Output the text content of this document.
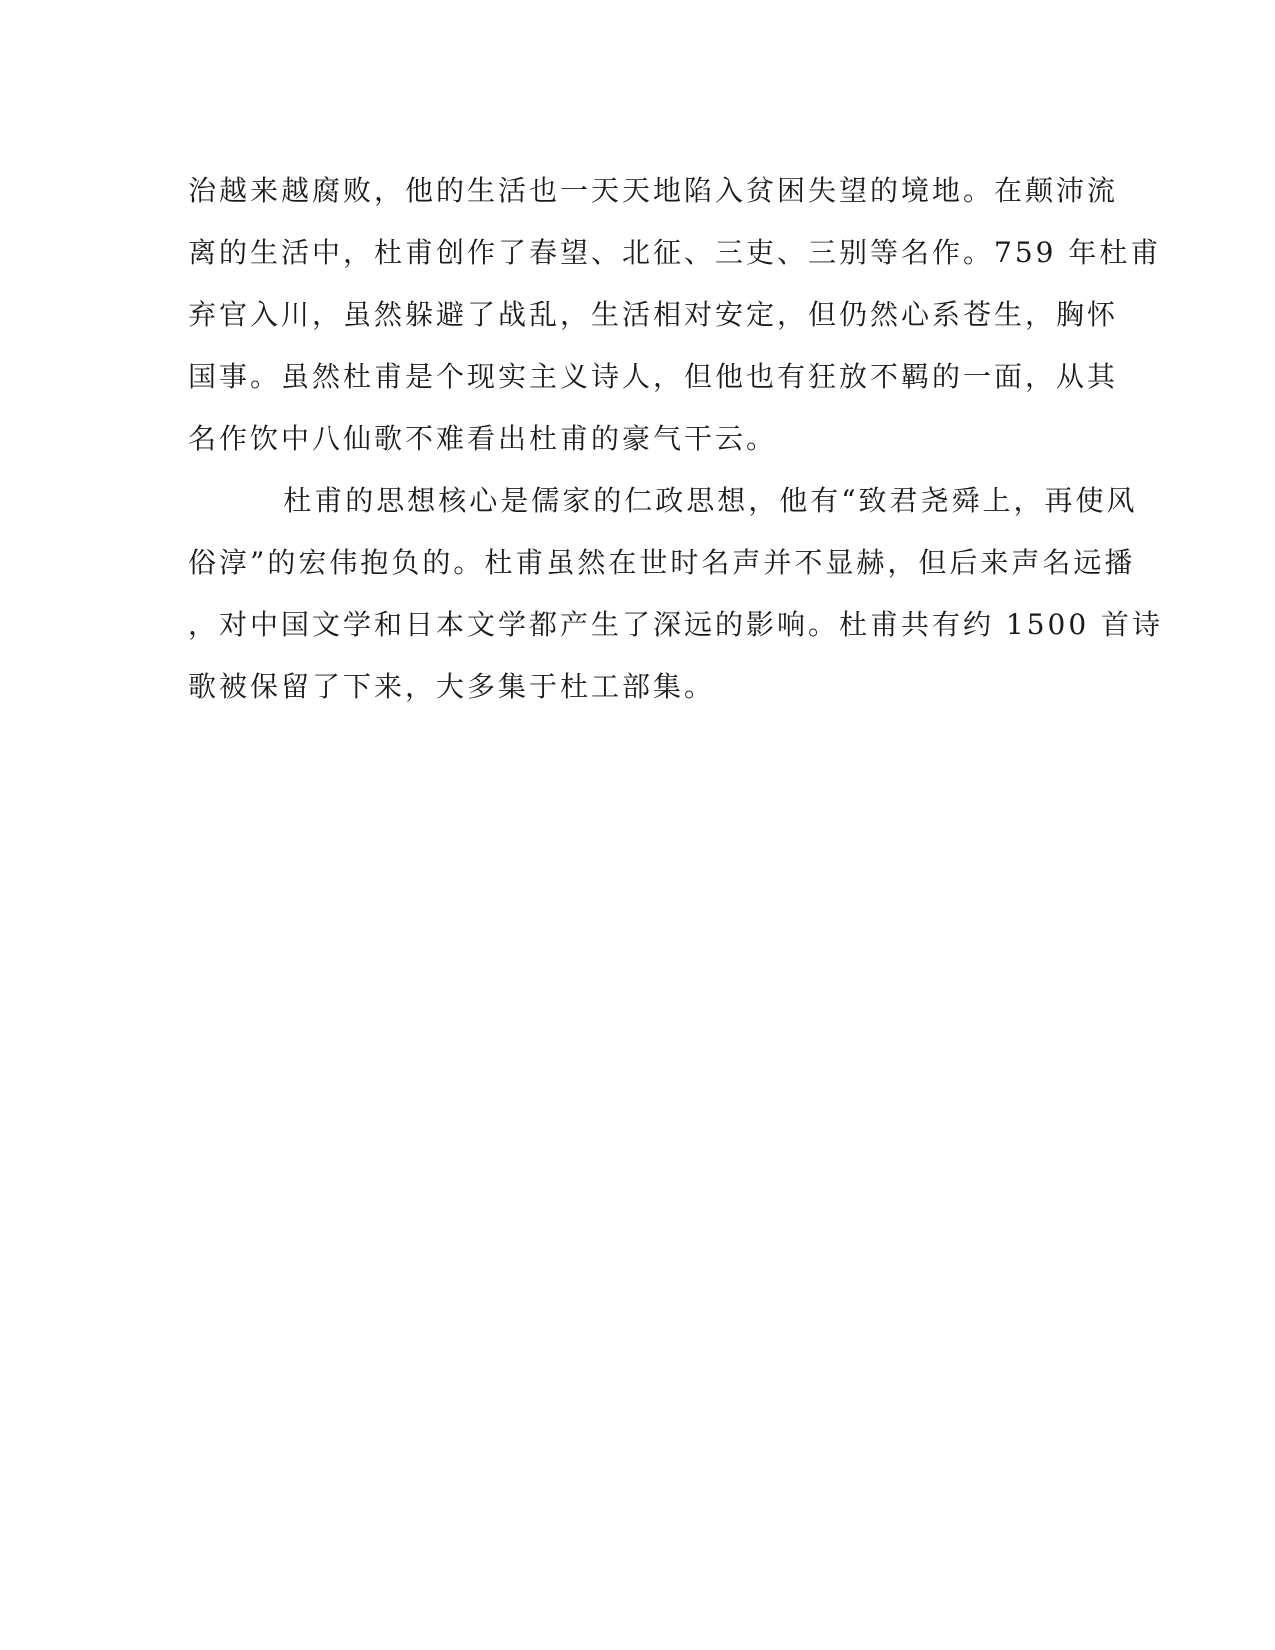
治越来越腐败，他的生活也一天天地陷入贫困失望的境地。在颠沛流
离的生活中，杜甫创作了春望、北征、三吏、三别等名作。759 年杜甫
弃官入川，虽然躲避了战乱，生活相对安定，但仍然心系苍生，胸怀
国事。虽然杜甫是个现实主义诗人，但他也有狂放不羁的一面，从其
名作饮中八仙歌不难看出杜甫的豪气干云。
杜甫的思想核心是儒家的仁政思想，他有“致君尧舜上，再使风
俗淳”的宏伟抱负的。杜甫虽然在世时名声并不显赫，但后来声名远播
，对中国文学和日本文学都产生了深远的影响。杜甫共有约 1500 首诗
歌被保留了下来，大多集于杜工部集。
